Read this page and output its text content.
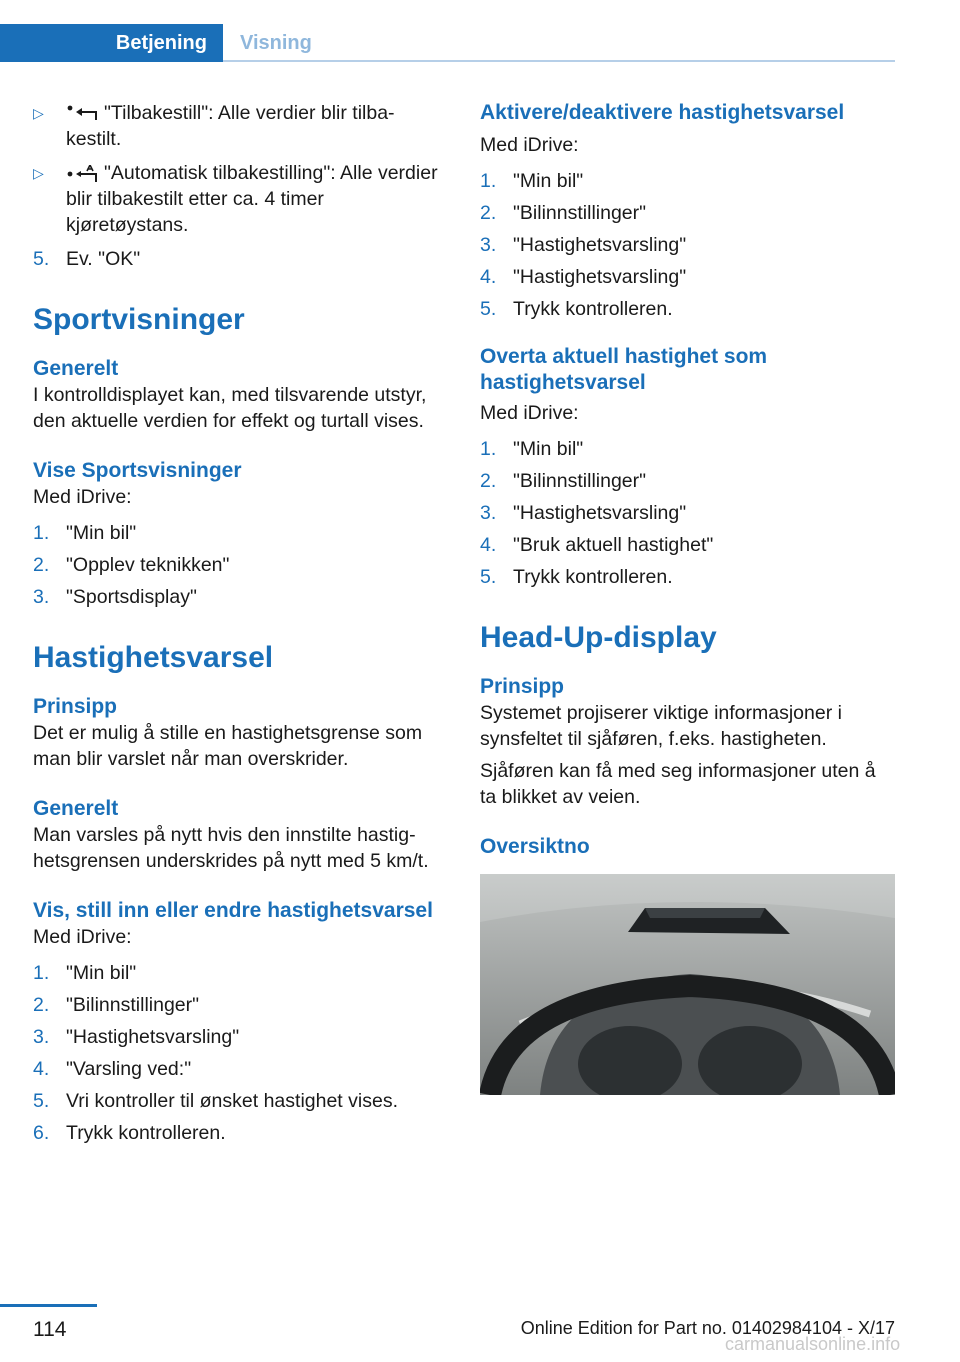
Betjening	Visning
▷	"Tilbakestill": Alle verdier blir tilba-kestilt.
▷	"Automatisk tilbakestilling": Alle verdier blir tilbakestilt etter ca. 4 timer kjøretøystans.
5. Ev. "OK"
Sportvisninger
Generelt

I kontrolldisplayet kan, med tilsvarende utstyr, den aktuelle verdien for effekt og turtall vises.

Vise Sportsvisninger

Med iDrive:

1. "Min bil"
2. "Opplev teknikken"
3. "Sportsdisplay"
Hastighetsvarsel
Prinsipp

Det er mulig å stille en hastighetsgrense som man blir varslet når man overskrider.

Generelt

Man varsles på nytt hvis den innstilte hastig-hetsgrensen underskrides på nytt med 5 km/t.

Vis, still inn eller endre hastighetsvarsel

Med iDrive:

1. "Min bil"
2. "Bilinnstillinger"
3. "Hastighetsvarsling"
4. "Varsling ved:"
5. Vri kontroller til ønsket hastighet vises.
6. Trykk kontrolleren.
Aktivere/deaktivere hastighetsvarsel

Med iDrive:

1. "Min bil"
2. "Bilinnstillinger"
3. "Hastighetsvarsling"
4. "Hastighetsvarsling"
5. Trykk kontrolleren.
Overta aktuell hastighet som hastighetsvarsel

Med iDrive:

1. "Min bil"
2. "Bilinnstillinger"
3. "Hastighetsvarsling"
4. "Bruk aktuell hastighet"
5. Trykk kontrolleren.
Head-Up-display
Prinsipp

Systemet projiserer viktige informasjoner i synsfeltet til sjåføren, f.eks. hastigheten.

Sjåføren kan få med seg informasjoner uten å ta blikket av veien.

Oversiktno
114	Online Edition for Part no. 01402984104 - X/17
carmanualsonline.info
